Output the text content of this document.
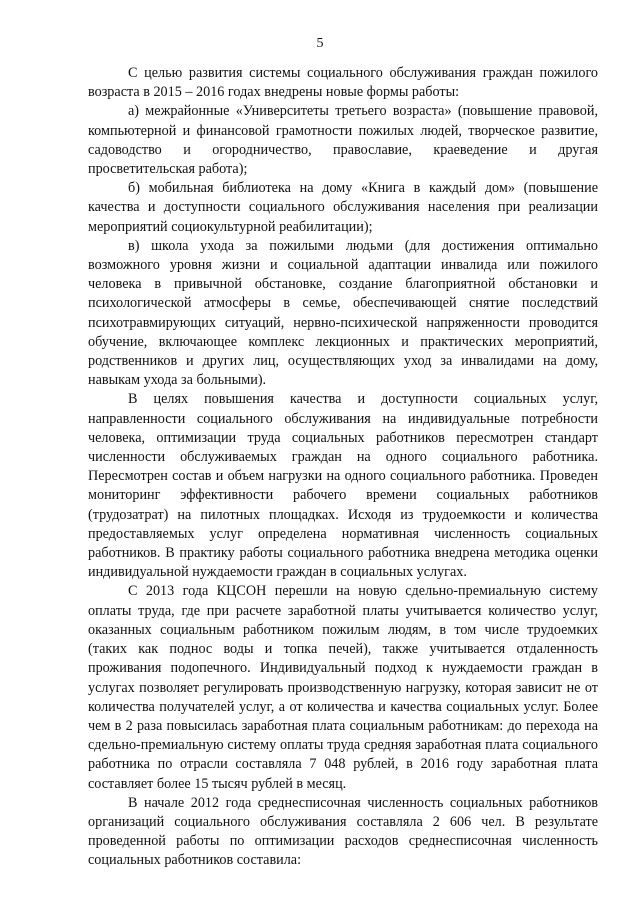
5

С целью развития системы социального обслуживания граждан пожилого возраста в 2015 – 2016 годах внедрены новые формы работы:

а) межрайонные «Университеты третьего возраста» (повышение правовой, компьютерной и финансовой грамотности пожилых людей, творческое развитие, садоводство и огородничество, православие, краеведение и другая просветительская работа);

б) мобильная библиотека на дому «Книга в каждый дом» (повышение качества и доступности социального обслуживания населения при реализации мероприятий социокультурной реабилитации);

в) школа ухода за пожилыми людьми (для достижения оптимально возможного уровня жизни и социальной адаптации инвалида или пожилого человека в привычной обстановке, создание благоприятной обстановки и психологической атмосферы в семье, обеспечивающей снятие последствий психотравмирующих ситуаций, нервно-психической напряженности проводится обучение, включающее комплекс лекционных и практических мероприятий, родственников и других лиц, осуществляющих уход за инвалидами на дому, навыкам ухода за больными).

В целях повышения качества и доступности социальных услуг, направленности социального обслуживания на индивидуальные потребности человека, оптимизации труда социальных работников пересмотрен стандарт численности обслуживаемых граждан на одного социального работника. Пересмотрен состав и объем нагрузки на одного социального работника. Проведен мониторинг эффективности рабочего времени социальных работников (трудозатрат) на пилотных площадках. Исходя из трудоемкости и количества предоставляемых услуг определена нормативная численность социальных работников. В практику работы социального работника внедрена методика оценки индивидуальной нуждаемости граждан в социальных услугах.

С 2013 года КЦСОН перешли на новую сдельно-премиальную систему оплаты труда, где при расчете заработной платы учитывается количество услуг, оказанных социальным работником пожилым людям, в том числе трудоемких (таких как поднос воды и топка печей), также учитывается отдаленность проживания подопечного. Индивидуальный подход к нуждаемости граждан в услугах позволяет регулировать производственную нагрузку, которая зависит не от количества получателей услуг, а от количества и качества социальных услуг. Более чем в 2 раза повысилась заработная плата социальным работникам: до перехода на сдельно-премиальную систему оплаты труда средняя заработная плата социального работника по отрасли составляла 7 048 рублей, в 2016 году заработная плата составляет более 15 тысяч рублей в месяц.

В начале 2012 года среднесписочная численность социальных работников организаций социального обслуживания составляла 2 606 чел. В результате проведенной работы по оптимизации расходов среднесписочная численность социальных работников составила:
